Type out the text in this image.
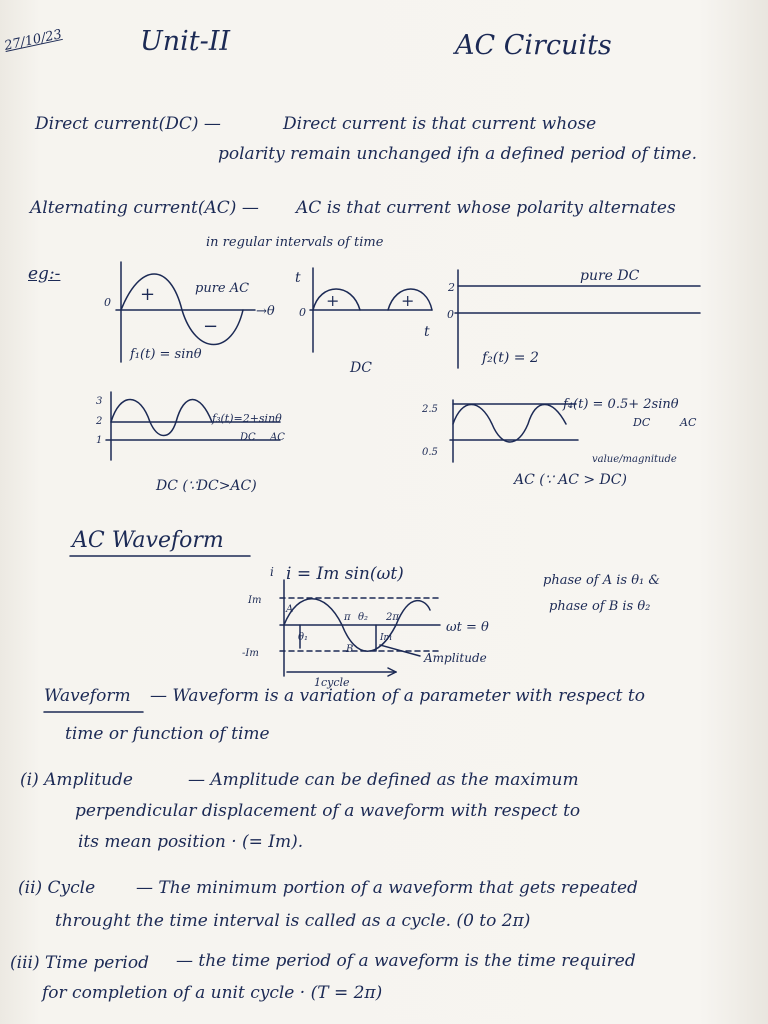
27/10/23	Unit-II	AC Circuits
Direct current(DC) —	Direct current is that current whose
polarity remain unchanged ifn a defined period of time.
Alternating current(AC) — AC is that current whose polarity alternates
in regular intervals of time
eg:-
0 +
−
pure AC
→θ
f₁(t) = sinθ
t
0
+	+
t
DC
2
0
pure DC
f₂(t) = 2
3
2
1
f₃(t)=2+sinθ
DC AC
DC (∵DC>AC)
2.5
0.5
f₄(t) = 0.5+ 2sinθ
DC	AC
value/magnitude
AC (∵ AC > DC)
i
Im
-Im
A
B
θ₁
θ₂
π	2π
Im
ωt = θ
Amplitude
1cycle
AC Waveform
i = Im sin(ωt)	phase of A is θ₁ &
phase of B is θ₂
Waveform — Waveform is a variation of a parameter with respect to
time or function of time
(i) Amplitude	— Amplitude can be defined as the maximum
perpendicular displacement of a waveform with respect to
its mean position · (= Im).
(ii) Cycle — The minimum portion of a waveform that gets repeated
throught the time interval is called as a cycle. (0 to 2π)
(iii) Time period — the time period of a waveform is the time required
for completion of a unit cycle · (T = 2π)
